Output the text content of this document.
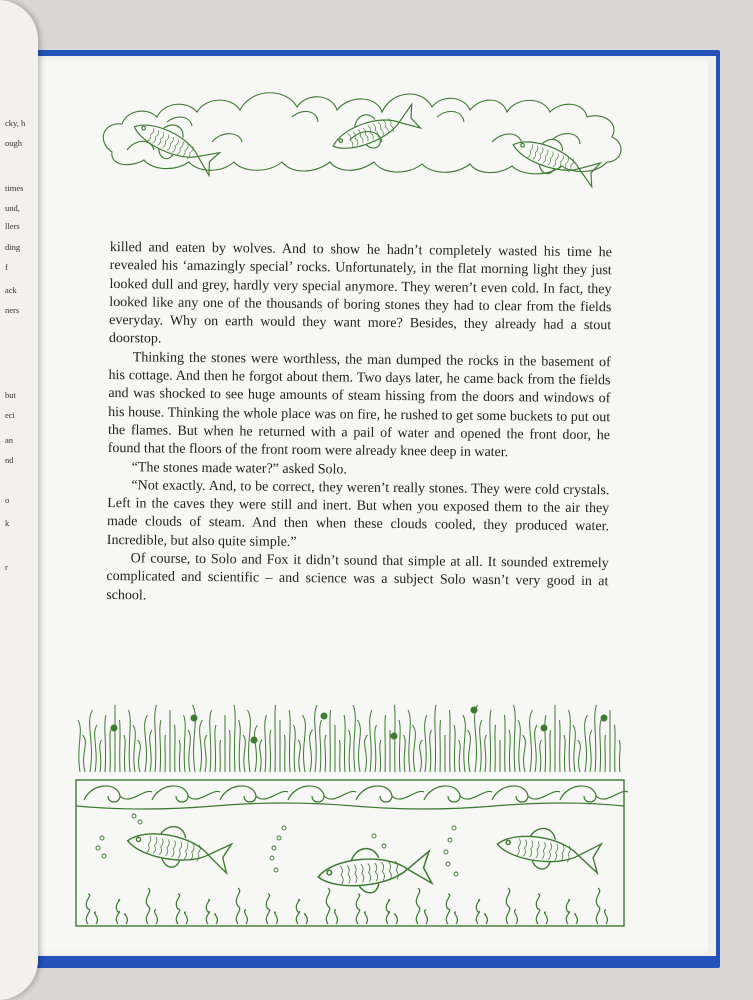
cky, h
ough
times
und,
llers
ding
f
ack
ners
but
eci
an
nd
o
k
r

killed and eaten by wolves. And to show he hadn’t completely wasted his time he revealed his ‘amazingly special’ rocks. Unfortunately, in the flat morning light they just looked dull and grey, hardly very special anymore. They weren’t even cold. In fact, they looked like any one of the thousands of boring stones they had to clear from the fields everyday. Why on earth would they want more? Besides, they already had a stout doorstop.

Thinking the stones were worthless, the man dumped the rocks in the basement of his cottage. And then he forgot about them. Two days later, he came back from the fields and was shocked to see huge amounts of steam hissing from the doors and windows of his house. Thinking the whole place was on fire, he rushed to get some buckets to put out the flames. But when he returned with a pail of water and opened the front door, he found that the floors of the front room were already knee deep in water.

“The stones made water?” asked Solo.

“Not exactly. And, to be correct, they weren’t really stones. They were cold crystals. Left in the caves they were still and inert. But when you exposed them to the air they made clouds of steam. And then when these clouds cooled, they produced water. Incredible, but also quite simple.”

Of course, to Solo and Fox it didn’t sound that simple at all. It sounded extremely complicated and scientific – and science was a subject Solo wasn’t very good in at school.

ˏ
